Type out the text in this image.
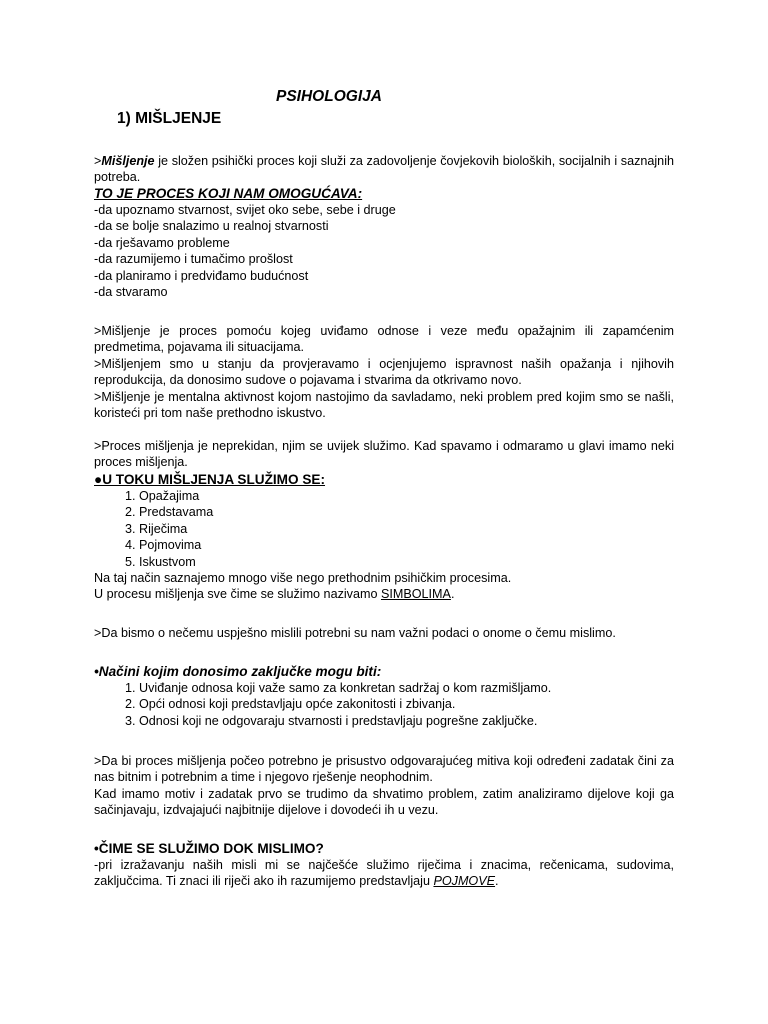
PSIHOLOGIJA
1) MIŠLJENJE
>Mišljenje je složen psihički proces koji služi za zadovoljenje čovjekovih bioloških, socijalnih i saznajnih potreba.
TO JE PROCES KOJI NAM OMOGUĆAVA:
-da upoznamo stvarnost, svijet oko sebe, sebe i druge
-da se bolje snalazimo u realnoj stvarnosti
-da rješavamo probleme
-da razumijemo i tumačimo prošlost
-da planiramo i predviđamo budućnost
-da stvaramo

>Mišljenje je proces pomoću kojeg uviđamo odnose i veze među opažajnim ili zapamćenim predmetima, pojavama ili situacijama.

>Mišljenjem smo u stanju da provjeravamo i ocjenjujemo ispravnost naših opažanja i njihovih reprodukcija, da donosimo sudove o pojavama i stvarima da otkrivamo novo.

>Mišljenje je mentalna aktivnost kojom nastojimo da savladamo, neki problem pred kojim smo se našli, koristeći pri tom naše prethodno iskustvo.

>Proces mišljenja je neprekidan, njim se uvijek služimo. Kad spavamo i odmaramo u glavi imamo neki proces mišljenja.
●U TOKU MIŠLJENJA SLUŽIMO SE:
1. Opažajima
2. Predstavama
3. Riječima
4. Pojmovima
5. Iskustvom
Na taj način saznajemo mnogo više nego prethodnim psihičkim procesima.
U procesu mišljenja sve čime se služimo nazivamo SIMBOLIMA.
>Da bismo o nečemu uspješno mislili potrebni su nam važni podaci o onome o čemu mislimo.
•Načini kojim donosimo zaključke mogu biti:
1. Uviđanje odnosa koji važe samo za konkretan sadržaj o kom razmišljamo.
2. Opći odnosi koji predstavljaju opće zakonitosti i zbivanja.
3. Odnosi koji ne odgovaraju stvarnosti i predstavljaju pogrešne zaključke.

>Da bi proces mišljenja počeo potrebno je prisustvo odgovarajućeg mitiva koji određeni zadatak čini za nas bitnim i potrebnim a time i njegovo rješenje neophodnim.

Kad imamo motiv i zadatak prvo se trudimo da shvatimo problem, zatim analiziramo dijelove koji ga sačinjavaju, izdvajajući najbitnije dijelove i dovodeći ih u vezu.

•ČIME SE SLUŽIMO DOK MISLIMO?

-pri izražavanju naših misli mi se najčešće služimo riječima i znacima, rečenicama, sudovima, zaključcima. Ti znaci ili riječi ako ih razumijemo predstavljaju POJMOVE.
